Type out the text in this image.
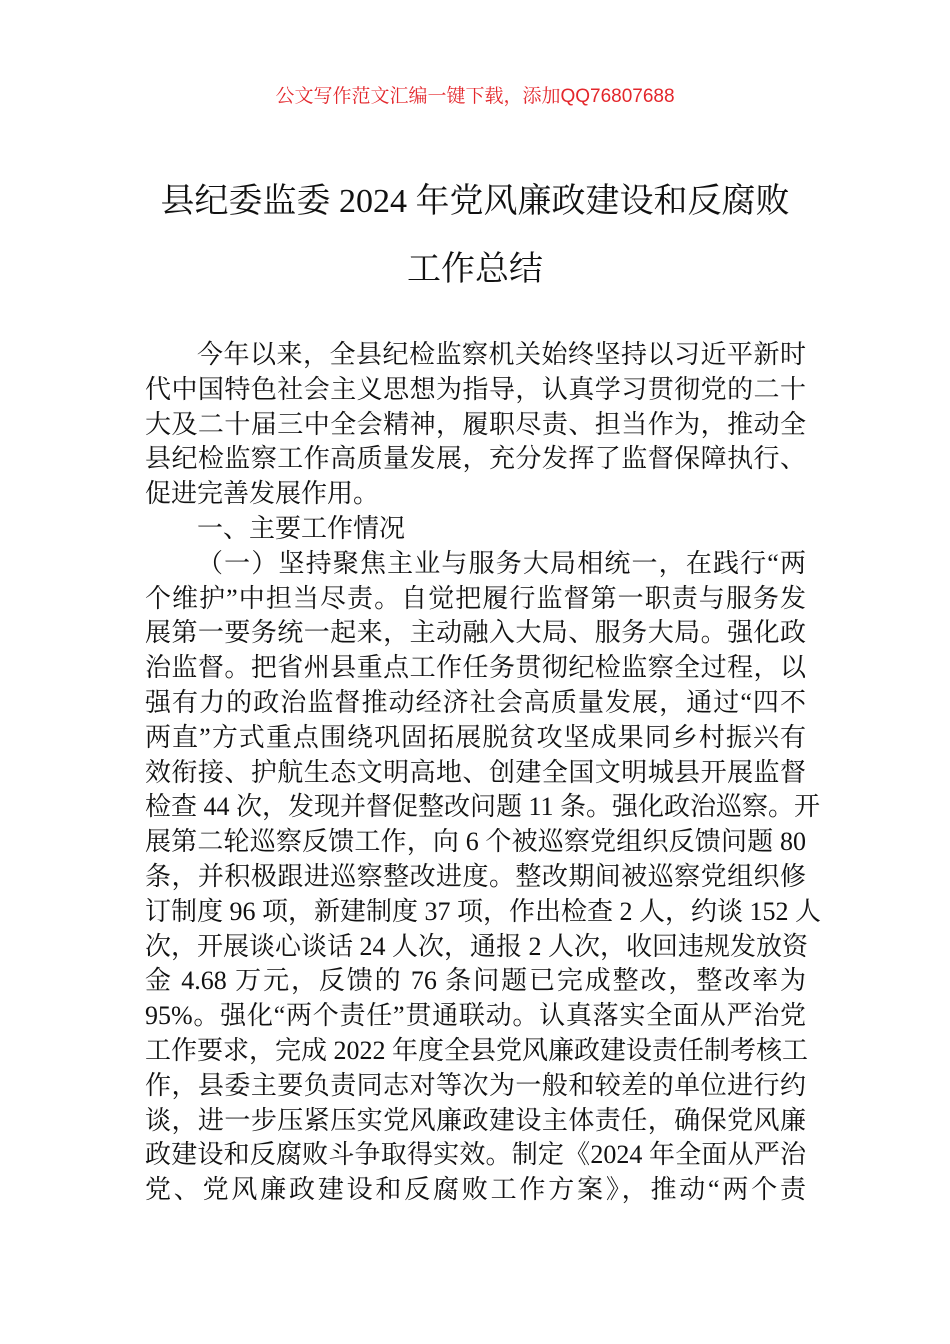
公文写作范文汇编一键下载，添加QQ76807688
县纪委监委 2024 年党风廉政建设和反腐败
工作总结
今年以来，全县纪检监察机关始终坚持以习近平新时
代中国特色社会主义思想为指导，认真学习贯彻党的二十
大及二十届三中全会精神，履职尽责、担当作为，推动全
县纪检监察工作高质量发展，充分发挥了监督保障执行、
促进完善发展作用。
一、主要工作情况
（一）坚持聚焦主业与服务大局相统一，在践行“两
个维护”中担当尽责。自觉把履行监督第一职责与服务发
展第一要务统一起来，主动融入大局、服务大局。强化政
治监督。把省州县重点工作任务贯彻纪检监察全过程，以
强有力的政治监督推动经济社会高质量发展，通过“四不
两直”方式重点围绕巩固拓展脱贫攻坚成果同乡村振兴有
效衔接、护航生态文明高地、创建全国文明城县开展监督
检查 44 次，发现并督促整改问题 11 条。强化政治巡察。开
展第二轮巡察反馈工作，向 6 个被巡察党组织反馈问题 80
条，并积极跟进巡察整改进度。整改期间被巡察党组织修
订制度 96 项，新建制度 37 项，作出检查 2 人，约谈 152 人
次，开展谈心谈话 24 人次，通报 2 人次，收回违规发放资
金 4.68 万元，反馈的 76 条问题已完成整改，整改率为
95%。强化“两个责任”贯通联动。认真落实全面从严治党
工作要求，完成 2022 年度全县党风廉政建设责任制考核工
作，县委主要负责同志对等次为一般和较差的单位进行约
谈，进一步压紧压实党风廉政建设主体责任，确保党风廉
政建设和反腐败斗争取得实效。制定《2024 年全面从严治
党、党风廉政建设和反腐败工作方案》，推动“两个责
